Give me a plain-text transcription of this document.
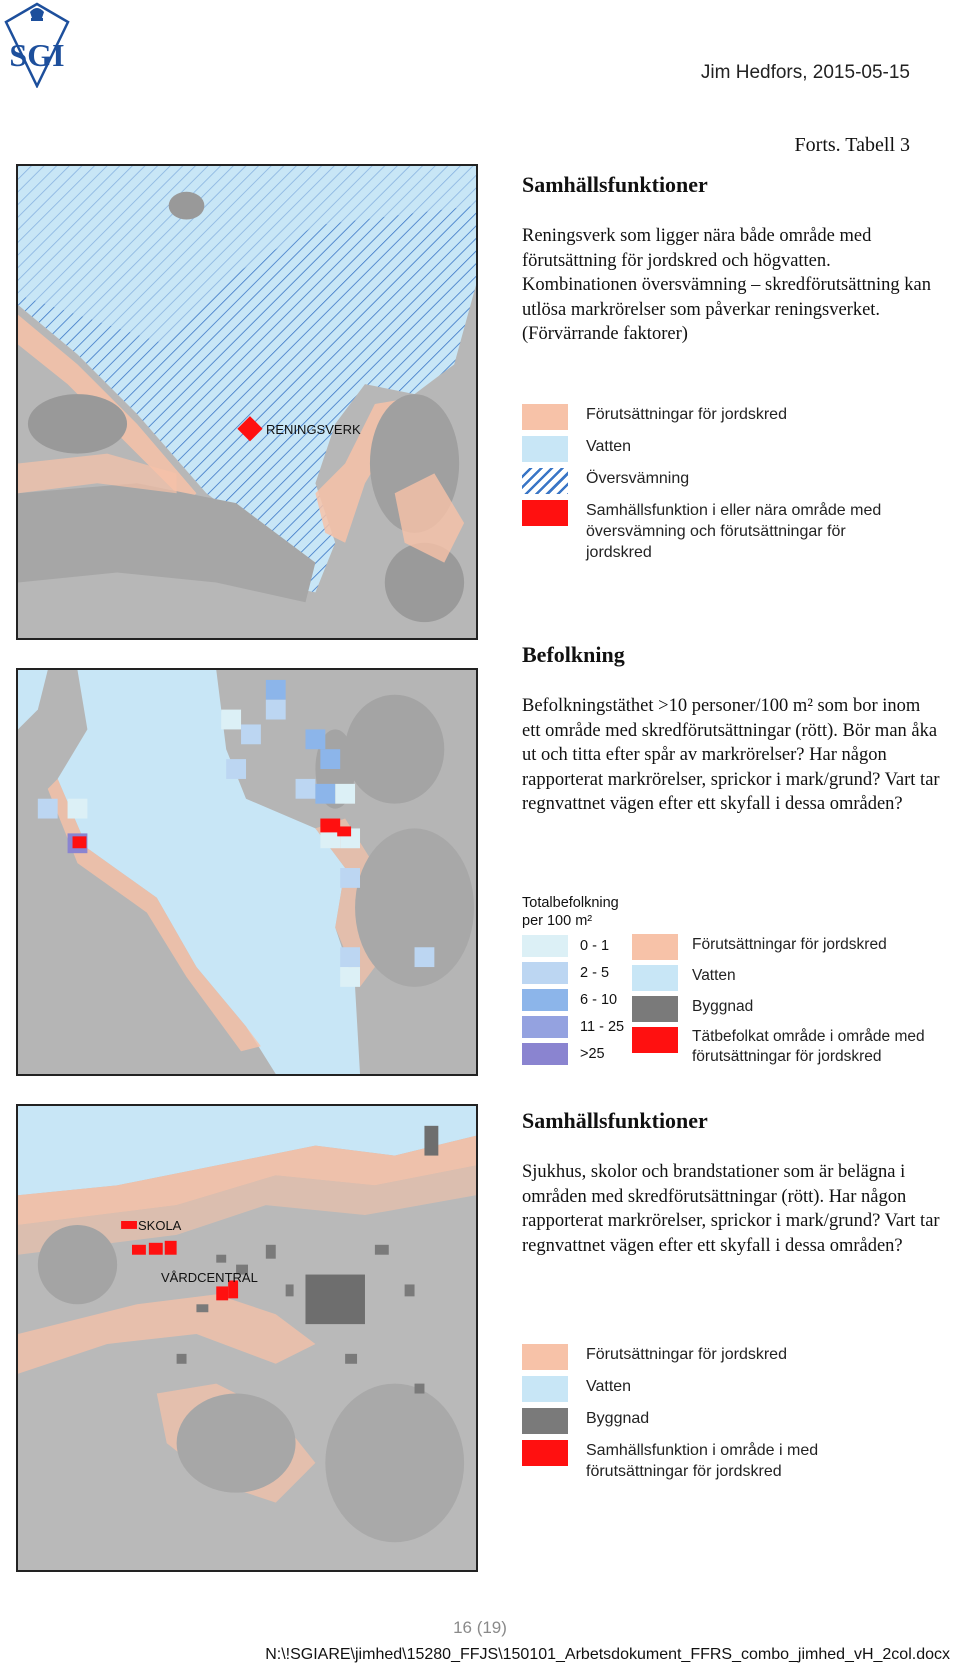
SGI	Jim Hedfors, 2015-05-15
Forts. Tabell 3
RENINGSVERK
Samhällsfunktioner

Reningsverk som ligger nära både område med förutsättning för jordskred och högvatten. Kombinationen översvämning – skredförutsättning kan utlösa markrörelser som påverkar reningsverket. (Förvärrande faktorer)

Förutsättningar för jordskred
Vatten
Översvämning
Samhällsfunktion i eller nära område med översvämning och förutsättningar för jordskred
Befolkning

Befolkningstäthet >10 personer/100 m² som bor inom ett område med skredförutsättningar (rött). Bör man åka ut och titta efter spår av markrörelser? Har någon rapporterat markrörelser, sprickor i mark/grund? Vart tar regnvattnet vägen efter ett skyfall i dessa områden?

Totalbefolkning
per 100 m²
0 - 1
2 - 5
6 - 10
11 - 25
>25
Förutsättningar för jordskred
Vatten
Byggnad
Tätbefolkat område i område med förutsättningar för jordskred
SKOLA
VÅRDCENTRAL
Samhällsfunktioner

Sjukhus, skolor och brandstationer som är belägna i områden med skredförutsättningar (rött). Har någon rapporterat markrörelser, sprickor i mark/grund? Vart tar regnvattnet vägen efter ett skyfall i dessa områden?

Förutsättningar för jordskred
Vatten
Byggnad
Samhällsfunktion i område i med förutsättningar för jordskred
16 (19)
N:\!SGIARE\jimhed\15280_FFJS\150101_Arbetsdokument_FFRS_combo_jimhed_vH_2col.docx
